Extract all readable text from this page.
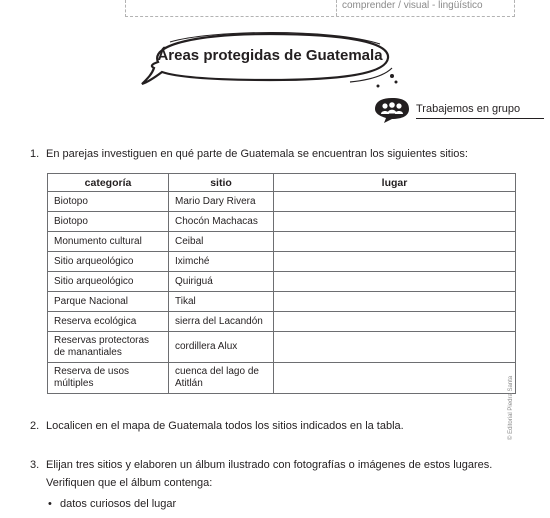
comprender / visual - lingüístico
Áreas protegidas de Guatemala
Trabajemos en grupo
1. En parejas investiguen en qué parte de Guatemala se encuentran los siguientes sitios:
categoría	sitio	lugar
Biotopo	Mario Dary Rivera	
Biotopo	Chocón Machacas	
Monumento cultural	Ceibal	
Sitio arqueológico	Iximché	
Sitio arqueológico	Quiriguá	
Parque Nacional	Tikal	
Reserva ecológica	sierra del Lacandón	
Reservas protectoras de manantiales	cordillera Alux	
Reserva de usos múltiples	cuenca del lago de Atitlán	
2. Localicen en el mapa de Guatemala todos los sitios indicados en la tabla.
3. Elijan tres sitios y elaboren un álbum ilustrado con fotografías o imágenes de estos lugares.
Verifiquen que el álbum contenga:
• datos curiosos del lugar
© Editorial Piedra Santa
